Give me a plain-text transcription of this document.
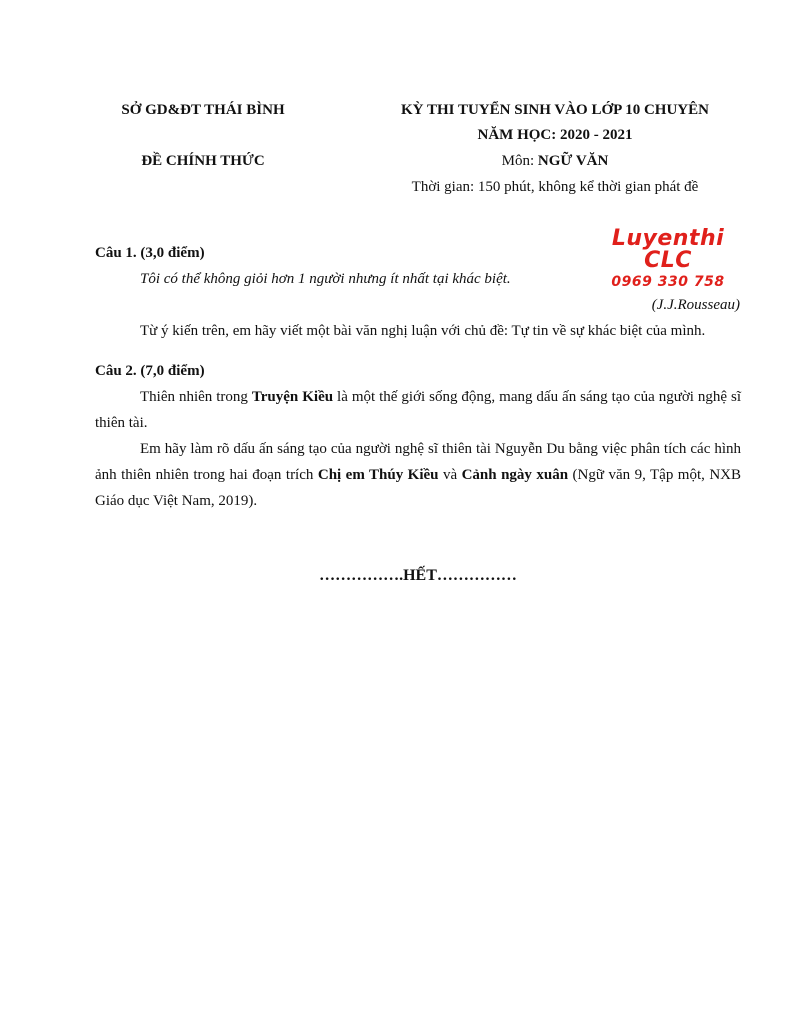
SỞ GD&ĐT THÁI BÌNH
ĐỀ CHÍNH THỨC
KỲ THI TUYỂN SINH VÀO LỚP 10 CHUYÊN
NĂM HỌC: 2020 - 2021
Môn: NGỮ VĂN
Thời gian: 150 phút, không kể thời gian phát đề
Luyenthi CLC
0969 330 758
Câu 1. (3,0 điểm)
Tôi có thể không giỏi hơn 1 người nhưng ít nhất tại khác biệt.
(J.J.Rousseau)
Từ ý kiến trên, em hãy viết một bài văn nghị luận với chủ đề: Tự tin về sự khác biệt của mình.
Câu 2. (7,0 điểm)
Thiên nhiên trong Truyện Kiều là một thế giới sống động, mang dấu ấn sáng tạo của người nghệ sĩ thiên tài.
Em hãy làm rõ dấu ấn sáng tạo của người nghệ sĩ thiên tài Nguyễn Du bằng việc phân tích các hình ảnh thiên nhiên trong hai đoạn trích Chị em Thúy Kiều và Cảnh ngày xuân (Ngữ văn 9, Tập một, NXB Giáo dục Việt Nam, 2019).
…………….HẾT……………
